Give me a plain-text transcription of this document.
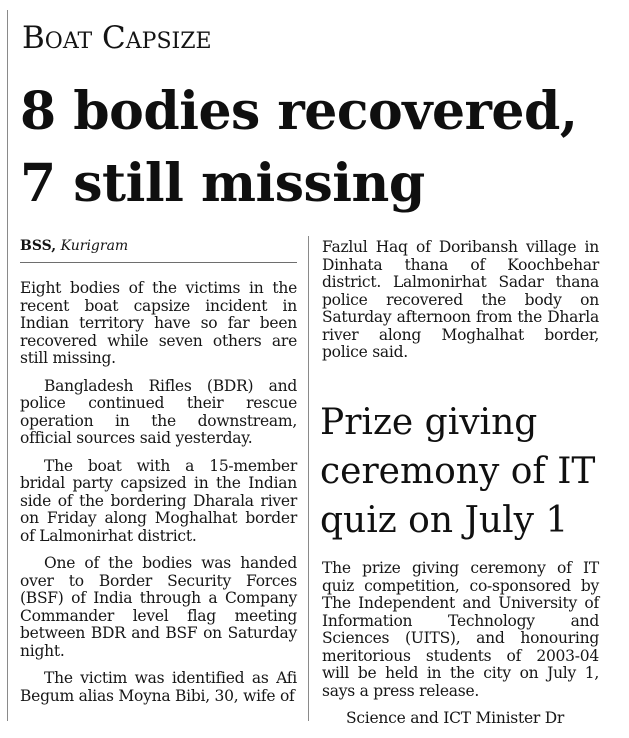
Boat Capsize
8 bodies recovered,
7 still missing
BSS, Kurigram

Eight bodies of the victims in the recent boat capsize incident in Indian territory have so far been recovered while seven others are still missing.

Bangladesh Rifles (BDR) and police continued their rescue operation in the downstream, official sources said yesterday.

The boat with a 15-member bridal party capsized in the Indian side of the bordering Dharala river on Friday along Moghalhat border of Lalmonirhat district.

One of the bodies was handed over to Border Security Forces (BSF) of India through a Company Commander level flag meeting between BDR and BSF on Saturday night.

The victim was identified as Afi Begum alias Moyna Bibi, 30, wife of

Fazlul Haq of Doribansh village in Dinhata thana of Koochbehar district. Lalmonirhat Sadar thana police recovered the body on Saturday afternoon from the Dharla river along Moghalhat border, police said.

Prize giving
ceremony of IT
quiz on July 1

The prize giving ceremony of IT quiz competition, co-sponsored by The Independent and University of Information Technology and Sciences (UITS), and honouring meritorious students of 2003-04 will be held in the city on July 1, says a press release.

Science and ICT Minister Dr
